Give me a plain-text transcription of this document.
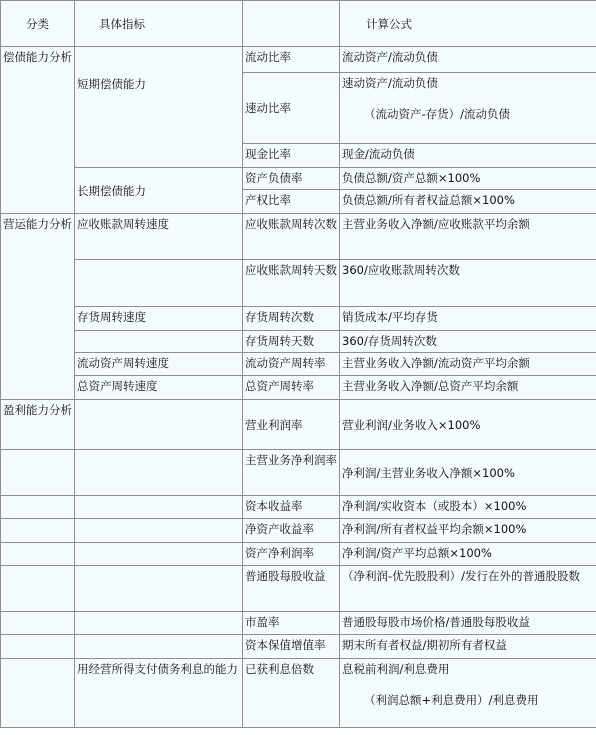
分类	具体指标		计算公式
偿债能力分析	短期偿债能力	流动比率	流动资产/流动负债
		速动比率	速动资产/流动负债
（流动资产-存货）/流动负债

		现金比率	现金/流动负债
	长期偿债能力	资产负债率	负债总额/资产总额×100%
		产权比率	负债总额/所有者权益总额×100%
营运能力分析	应收账款周转速度	应收账款周转次数	主营业务收入净额/应收账款平均余额
		应收账款周转天数	360/应收账款周转次数
	存货周转速度	存货周转次数	销货成本/平均存货
		存货周转天数	360/存货周转次数
	流动资产周转速度	流动资产周转率	主营业务收入净额/流动资产平均余额
	总资产周转速度	总资产周转率	主营业务收入净额/总资产平均余额
盈利能力分析		营业利润率	营业利润/业务收入×100%
		主营业务净利润率	净利润/主营业务收入净额×100%
		资本收益率	净利润/实收资本（或股本）×100%
		净资产收益率	净利润/所有者权益平均余额×100%
		资产净利润率	净利润/资产平均总额×100%
		普通股每股收益	（净利润-优先股股利）/发行在外的普通股股数
		市盈率	普通股每股市场价格/普通股每股收益
		资本保值增值率	期末所有者权益/期初所有者权益
	用经营所得支付债务利息的能力	已获利息倍数	息税前利润/利息费用
（利润总额+利息费用）/利息费用
